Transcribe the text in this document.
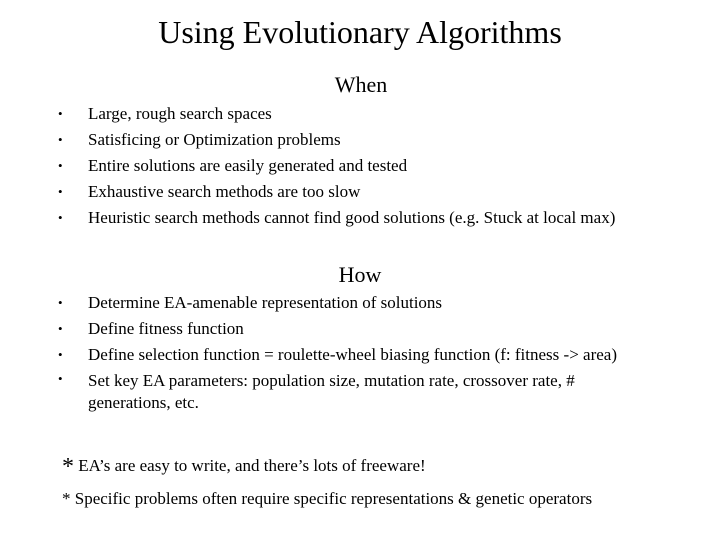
Using Evolutionary Algorithms
When
•	Large, rough search spaces
•	Satisficing or Optimization problems
•	Entire solutions are easily generated and tested
•	Exhaustive search methods are too slow
•	Heuristic search methods cannot find good solutions (e.g. Stuck at local max)
How
•	Determine EA-amenable representation of solutions
•	Define fitness function
•	Define selection function = roulette-wheel biasing function (f: fitness -> area)
•	Set key EA parameters: population size, mutation rate, crossover rate, # generations, etc.
* EA’s are easy to write, and there’s lots of freeware!
* Specific problems often require specific representations & genetic operators
